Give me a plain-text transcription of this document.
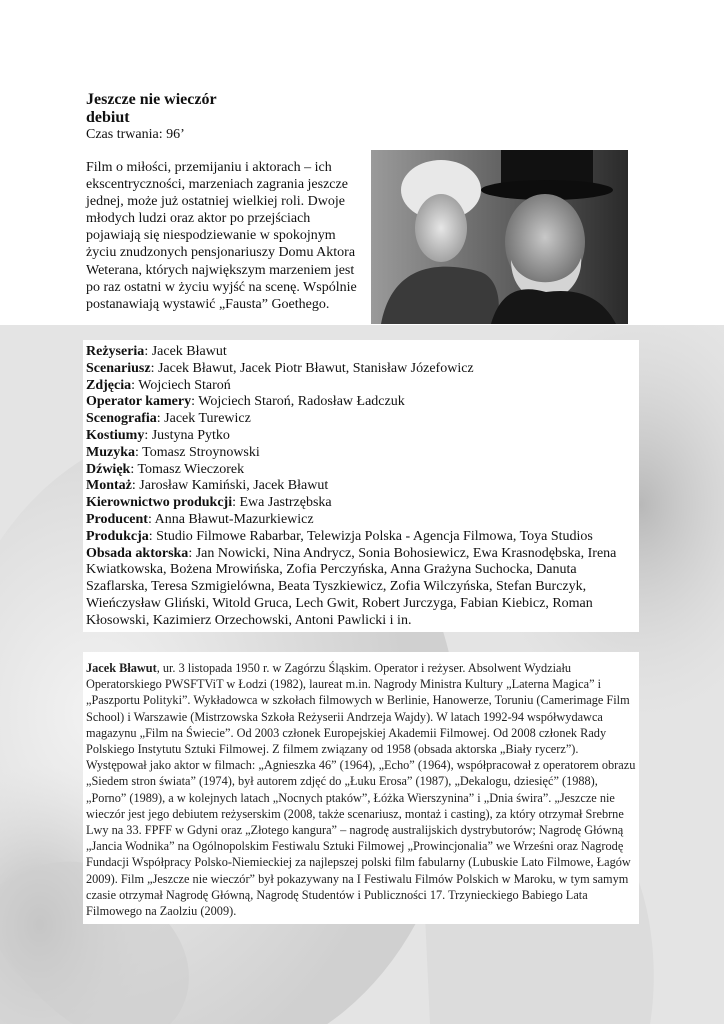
Jeszcze nie wieczór
debiut
Czas trwania: 96’
Film o miłości, przemijaniu i aktorach – ich ekscentryczności, marzeniach zagrania jeszcze jednej, może już ostatniej wielkiej roli. Dwoje młodych ludzi oraz aktor po przejściach pojawiają się niespodziewanie w spokojnym życiu znudzonych pensjonariuszy Domu Aktora Weterana, których największym marzeniem jest po raz ostatni w życiu wyjść na scenę. Wspólnie postanawiają wystawić „Fausta” Goethego.
Reżyseria: Jacek Bławut
Scenariusz: Jacek Bławut, Jacek Piotr Bławut, Stanisław Józefowicz
Zdjęcia: Wojciech Staroń
Operator kamery: Wojciech Staroń, Radosław Ładczuk
Scenografia: Jacek Turewicz
Kostiumy: Justyna Pytko
Muzyka: Tomasz Stroynowski
Dźwięk: Tomasz Wieczorek
Montaż: Jarosław Kamiński, Jacek Bławut
Kierownictwo produkcji: Ewa Jastrzębska
Producent: Anna Bławut-Mazurkiewicz
Produkcja: Studio Filmowe Rabarbar, Telewizja Polska - Agencja Filmowa, Toya Studios
Obsada aktorska: Jan Nowicki, Nina Andrycz, Sonia Bohosiewicz, Ewa Krasnodębska, Irena Kwiatkowska, Bożena Mrowińska, Zofia Perczyńska, Anna Grażyna Suchocka, Danuta Szaflarska, Teresa Szmigielówna, Beata Tyszkiewicz, Zofia Wilczyńska, Stefan Burczyk, Wieńczysław Gliński, Witold Gruca, Lech Gwit, Robert Jurczyga, Fabian Kiebicz, Roman Kłosowski, Kazimierz Orzechowski, Antoni Pawlicki i in.
Jacek Bławut, ur. 3 listopada 1950 r. w Zagórzu Śląskim. Operator i reżyser. Absolwent Wydziału Operatorskiego PWSFTViT w Łodzi (1982), laureat m.in. Nagrody Ministra Kultury „Laterna Magica” i „Paszportu Polityki”. Wykładowca w szkołach filmowych w Berlinie, Hanowerze, Toruniu (Camerimage Film School) i Warszawie (Mistrzowska Szkoła Reżyserii Andrzeja Wajdy). W latach 1992-94 współwydawca magazynu „Film na Świecie”. Od 2003 członek Europejskiej Akademii Filmowej. Od 2008 członek Rady Polskiego Instytutu Sztuki Filmowej. Z filmem związany od 1958 (obsada aktorska „Biały rycerz”). Występował jako aktor w filmach: „Agnieszka 46” (1964), „Echo” (1964), współpracował z operatorem obrazu „Siedem stron świata” (1974), był autorem zdjęć do „Łuku Erosa” (1987), „Dekalogu, dziesięć” (1988), „Porno” (1989), a w kolejnych latach „Nocnych ptaków”, Łóżka Wierszynina” i „Dnia świra”. „Jeszcze nie wieczór jest jego debiutem reżyserskim (2008, także scenariusz, montaż i casting), za który otrzymał Srebrne Lwy na 33. FPFF w Gdyni oraz „Złotego kangura” – nagrodę australijskich dystrybutorów; Nagrodę Główną „Jancia Wodnika” na Ogólnopolskim Festiwalu Sztuki Filmowej „Prowincjonalia” we Wrześni oraz Nagrodę Fundacji Współpracy Polsko-Niemieckiej za najlepszej polski film fabularny (Lubuskie Lato Filmowe, Łagów 2009). Film „Jeszcze nie wieczór” był pokazywany na I Festiwalu Filmów Polskich w Maroku, w tym samym czasie otrzymał Nagrodę Główną, Nagrodę Studentów i Publiczności 17. Trzynieckiego Babiego Lata Filmowego na Zaolziu (2009).
